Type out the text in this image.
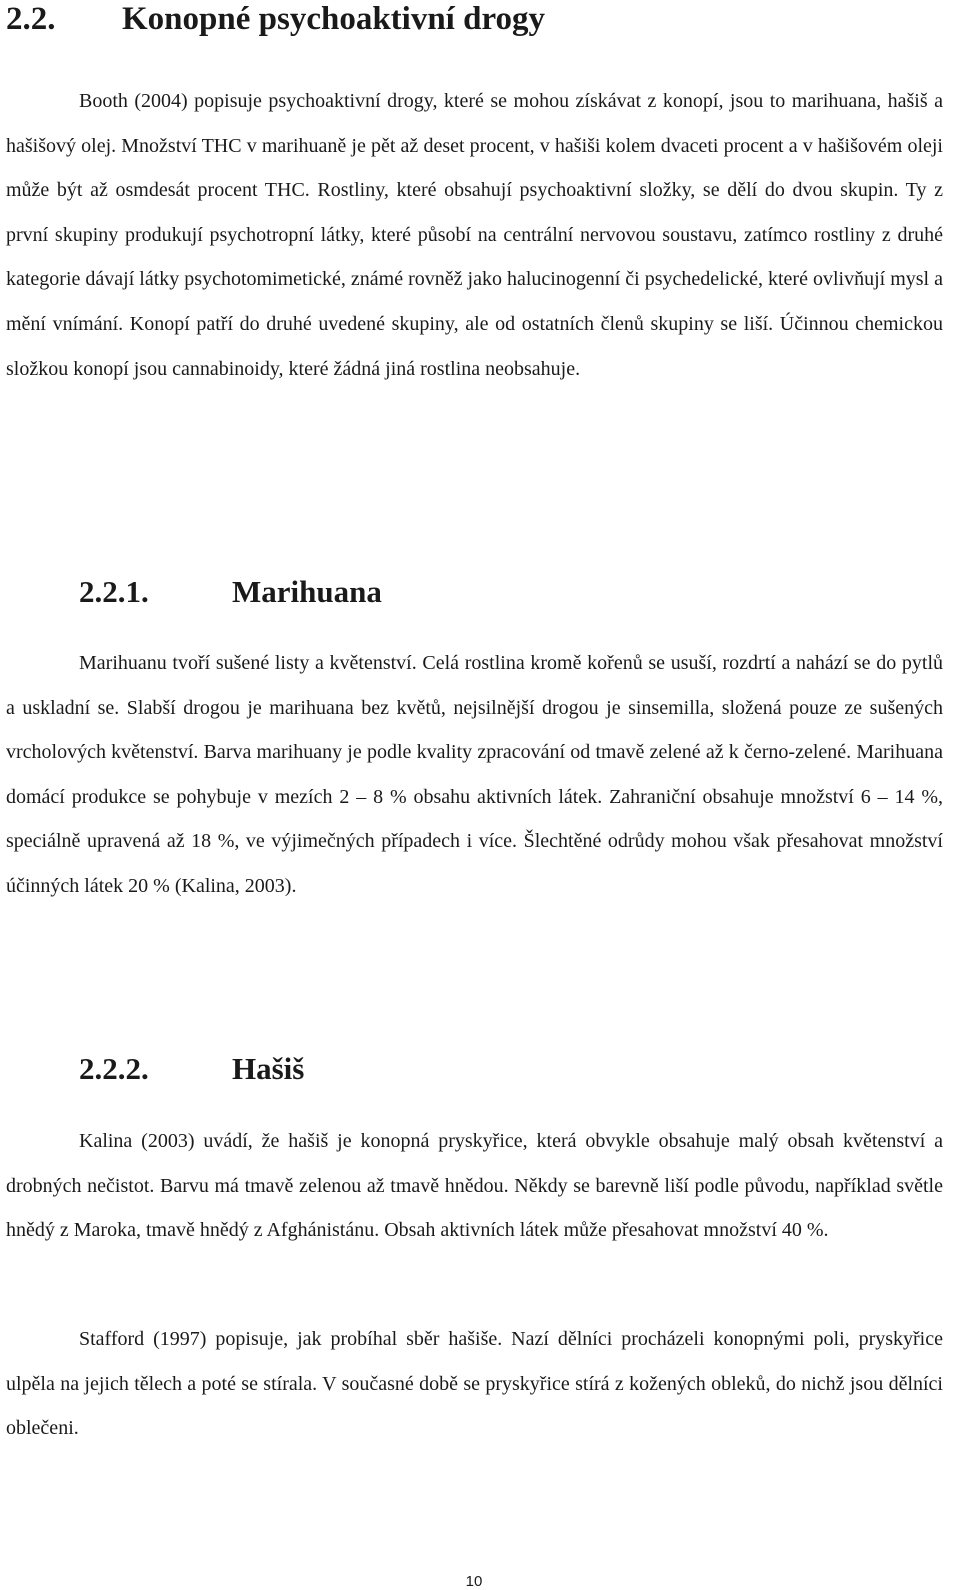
2.2. Konopné psychoaktivní drogy

Booth (2004) popisuje psychoaktivní drogy, které se mohou získávat z konopí, jsou to marihuana, hašiš a hašišový olej. Množství THC v marihuaně je pět až deset procent, v hašiši kolem dvaceti procent a v hašišovém oleji může být až osmdesát procent THC. Rostliny, které obsahují psychoaktivní složky, se dělí do dvou skupin. Ty z první skupiny produkují psychotropní látky, které působí na centrální nervovou soustavu, zatímco rostliny z druhé kategorie dávají látky psychotomimetické, známé rovněž jako halucinogenní či psychedelické, které ovlivňují mysl a mění vnímání. Konopí patří do druhé uvedené skupiny, ale od ostatních členů skupiny se liší. Účinnou chemickou složkou konopí jsou cannabinoidy, které žádná jiná rostlina neobsahuje.

2.2.1.	Marihuana

Marihuanu tvoří sušené listy a květenství. Celá rostlina kromě kořenů se usuší, rozdrtí a nahází se do pytlů a uskladní se. Slabší drogou je marihuana bez květů, nejsilnější drogou je sinsemilla, složená pouze ze sušených vrcholových květenství. Barva marihuany je podle kvality zpracování od tmavě zelené až k černo-zelené. Marihuana domácí produkce se pohybuje v mezích 2 – 8 % obsahu aktivních látek. Zahraniční obsahuje množství 6 – 14 %, speciálně upravená až 18 %, ve výjimečných případech i více. Šlechtěné odrůdy mohou však přesahovat množství účinných látek 20 % (Kalina, 2003).

2.2.2.	Hašiš

Kalina (2003) uvádí, že hašiš je konopná pryskyřice, která obvykle obsahuje malý obsah květenství a drobných nečistot. Barvu má tmavě zelenou až tmavě hnědou. Někdy se barevně liší podle původu, například světle hnědý z Maroka, tmavě hnědý z Afghánistánu. Obsah aktivních látek může přesahovat množství 40 %.

Stafford (1997) popisuje, jak probíhal sběr hašiše. Nazí dělníci procházeli konopnými poli, pryskyřice ulpěla na jejich tělech a poté se stírala. V současné době se pryskyřice stírá z kožených obleků, do nichž jsou dělníci oblečeni.

10
